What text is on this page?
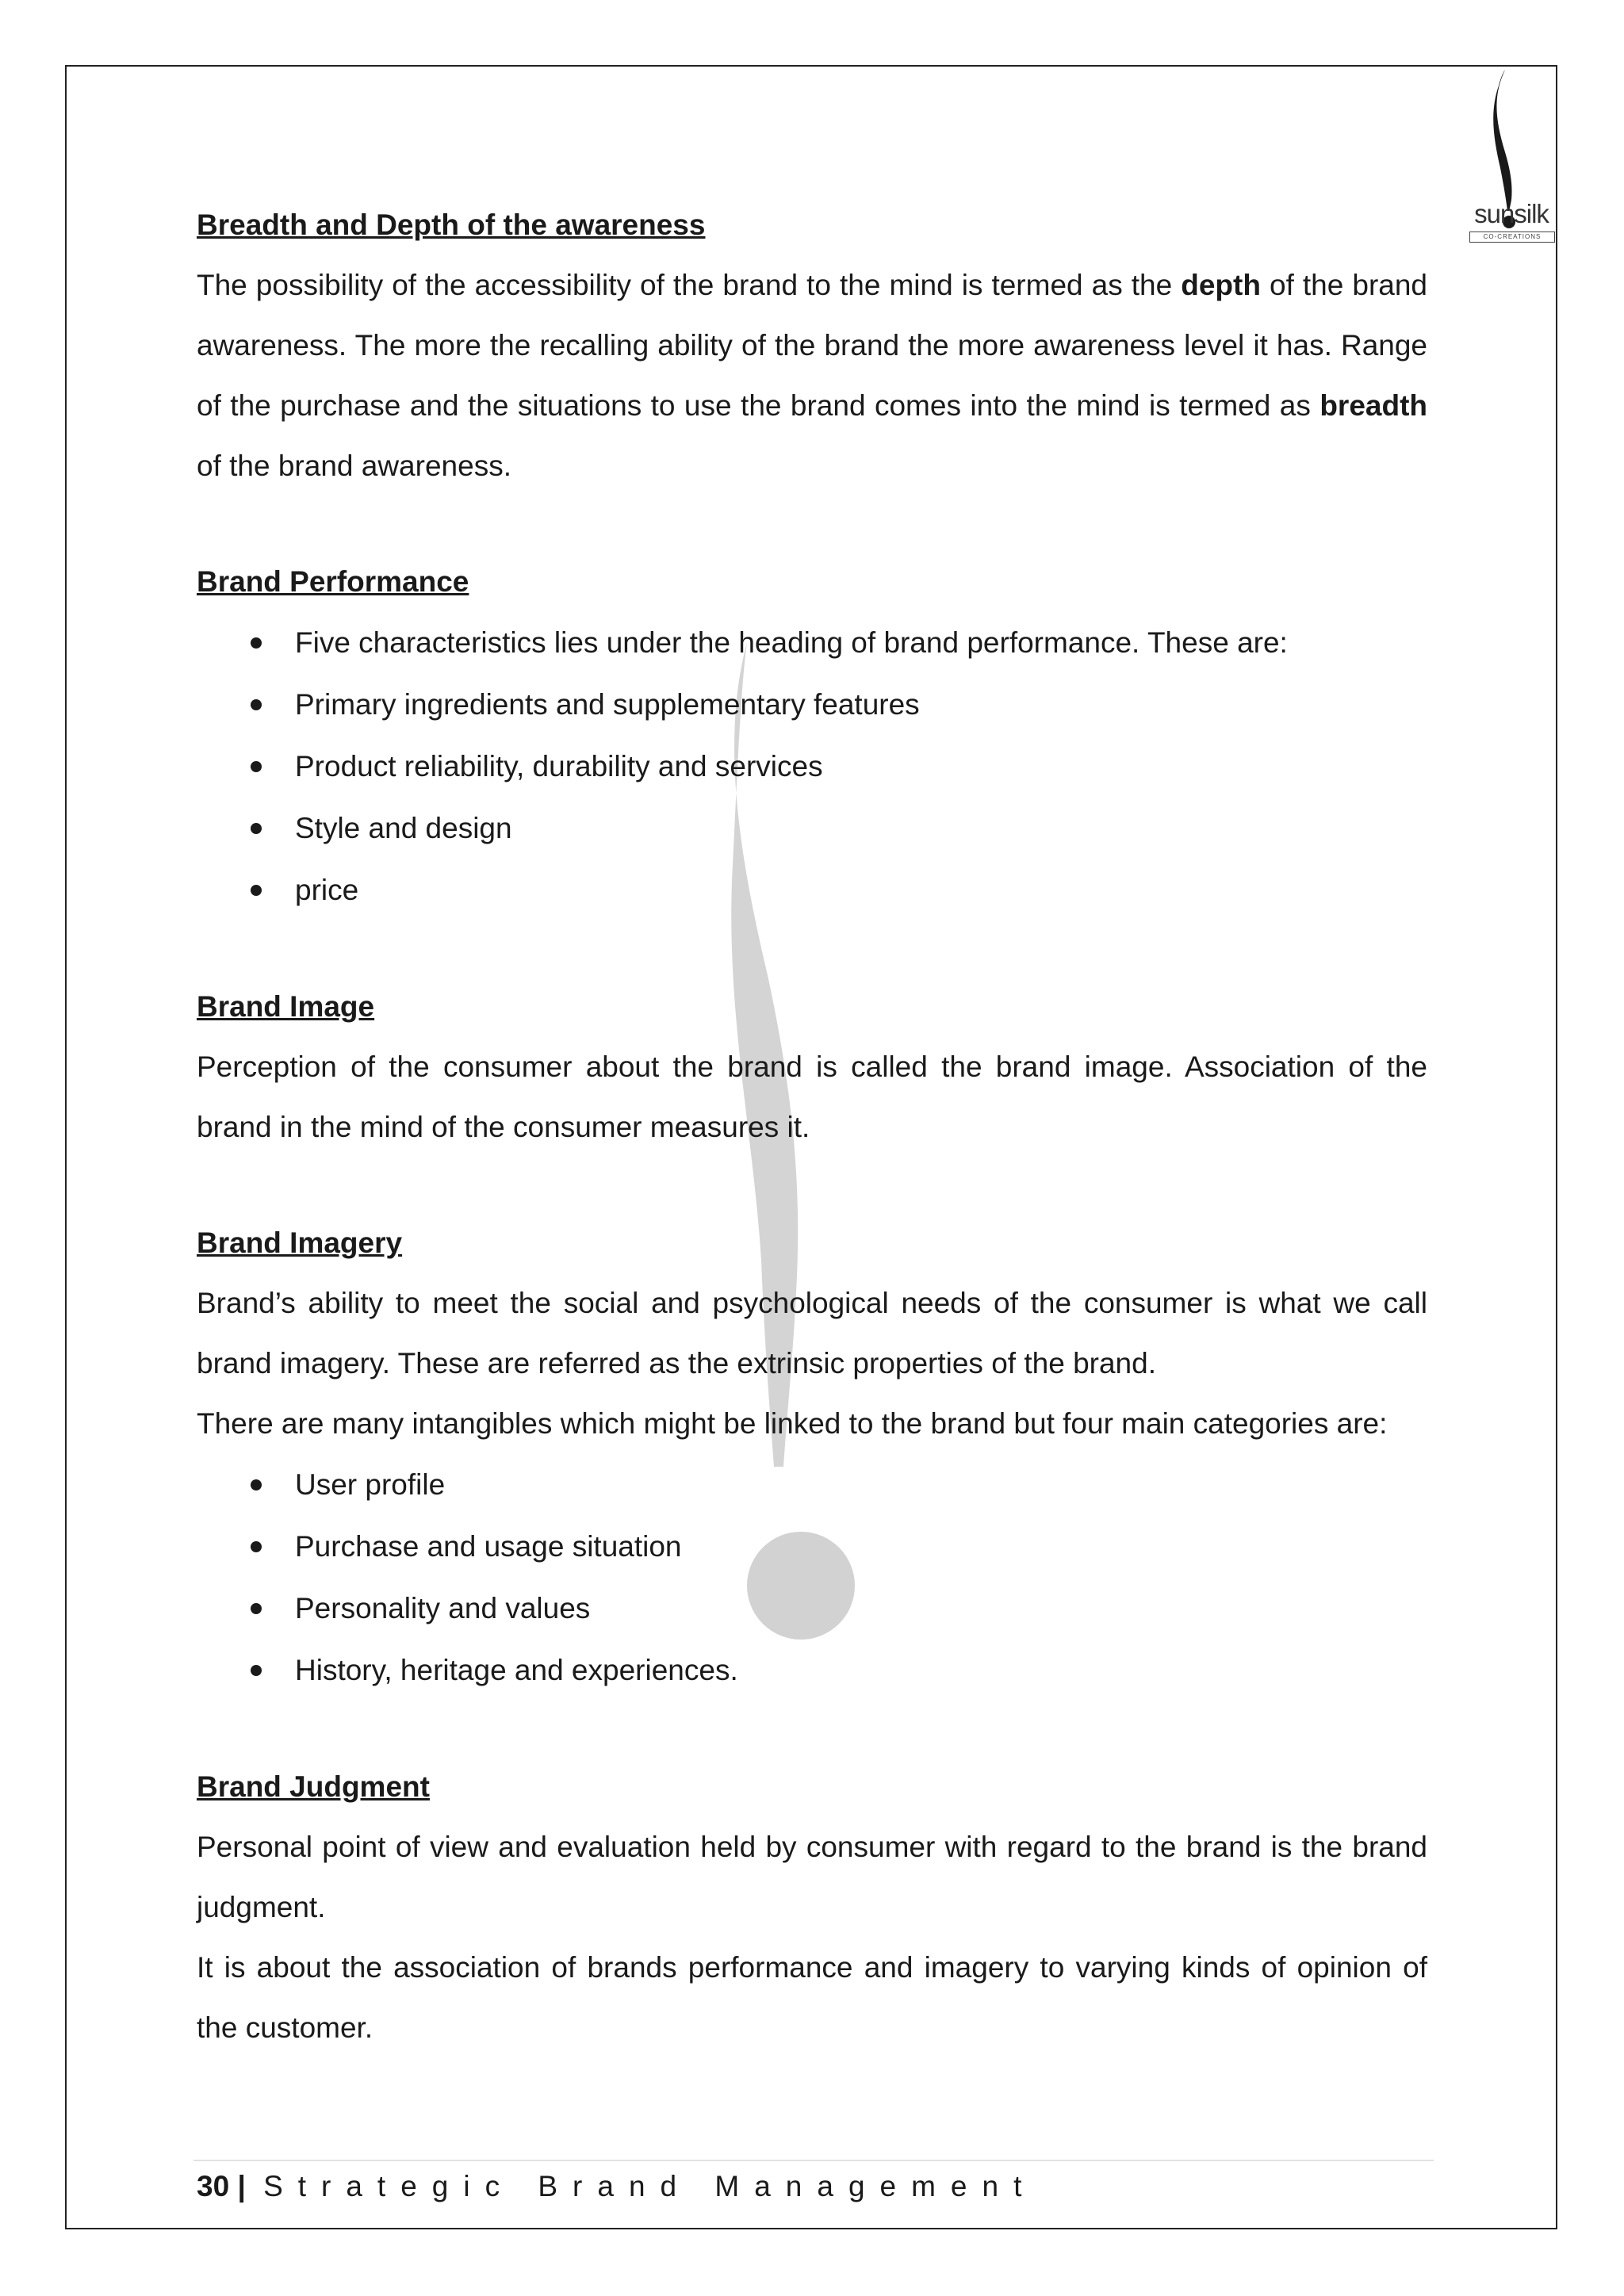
sunsilk
CO-CREATIONS

Breadth and Depth of the awareness

The possibility of the accessibility of the brand to the mind is termed as the depth of the brand awareness. The more the recalling ability of the brand the more awareness level it has. Range of the purchase and the situations to use the brand comes into the mind is termed as breadth of the brand awareness.

Brand Performance

Five characteristics lies under the heading of brand performance. These are:
Primary ingredients and supplementary features
Product reliability, durability and services
Style and design
price

Brand Image

Perception of the consumer about the brand is called the brand image. Association of the brand in the mind of the consumer measures it.

Brand Imagery

Brand’s ability to meet the social and psychological needs of the consumer is what we call brand imagery. These are referred as the extrinsic properties of the brand.

There are many intangibles which might be linked to the brand but four main categories are:

User profile
Purchase and usage situation
Personality and values
History, heritage and experiences.

Brand Judgment

Personal point of view and evaluation held by consumer with regard to the brand is the brand judgment.

It is about the association of brands performance and imagery to varying kinds of opinion of the customer.

30 | Strategic Brand Management
